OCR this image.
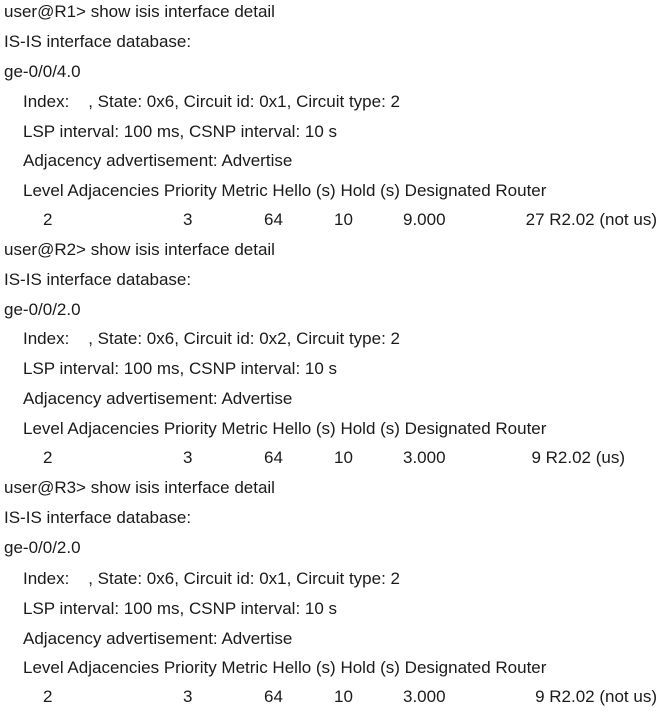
user@R1> show isis interface detail
IS-IS interface database:
ge-0/0/4.0
Index:    , State: 0x6, Circuit id: 0x1, Circuit type: 2
LSP interval: 100 ms, CSNP interval: 10 s
Adjacency advertisement: Advertise
Level Adjacencies Priority Metric Hello (s) Hold (s) Designated Router
2	3	64	10	9.000	27 R2.02 (not us)
user@R2> show isis interface detail
IS-IS interface database:
ge-0/0/2.0
Index:    , State: 0x6, Circuit id: 0x2, Circuit type: 2
LSP interval: 100 ms, CSNP interval: 10 s
Adjacency advertisement: Advertise
Level Adjacencies Priority Metric Hello (s) Hold (s) Designated Router
2	3	64	10	3.000	9 R2.02 (us)
user@R3> show isis interface detail
IS-IS interface database:
ge-0/0/2.0
Index:    , State: 0x6, Circuit id: 0x1, Circuit type: 2
LSP interval: 100 ms, CSNP interval: 10 s
Adjacency advertisement: Advertise
Level Adjacencies Priority Metric Hello (s) Hold (s) Designated Router
2	3	64	10	3.000	9 R2.02 (not us)
